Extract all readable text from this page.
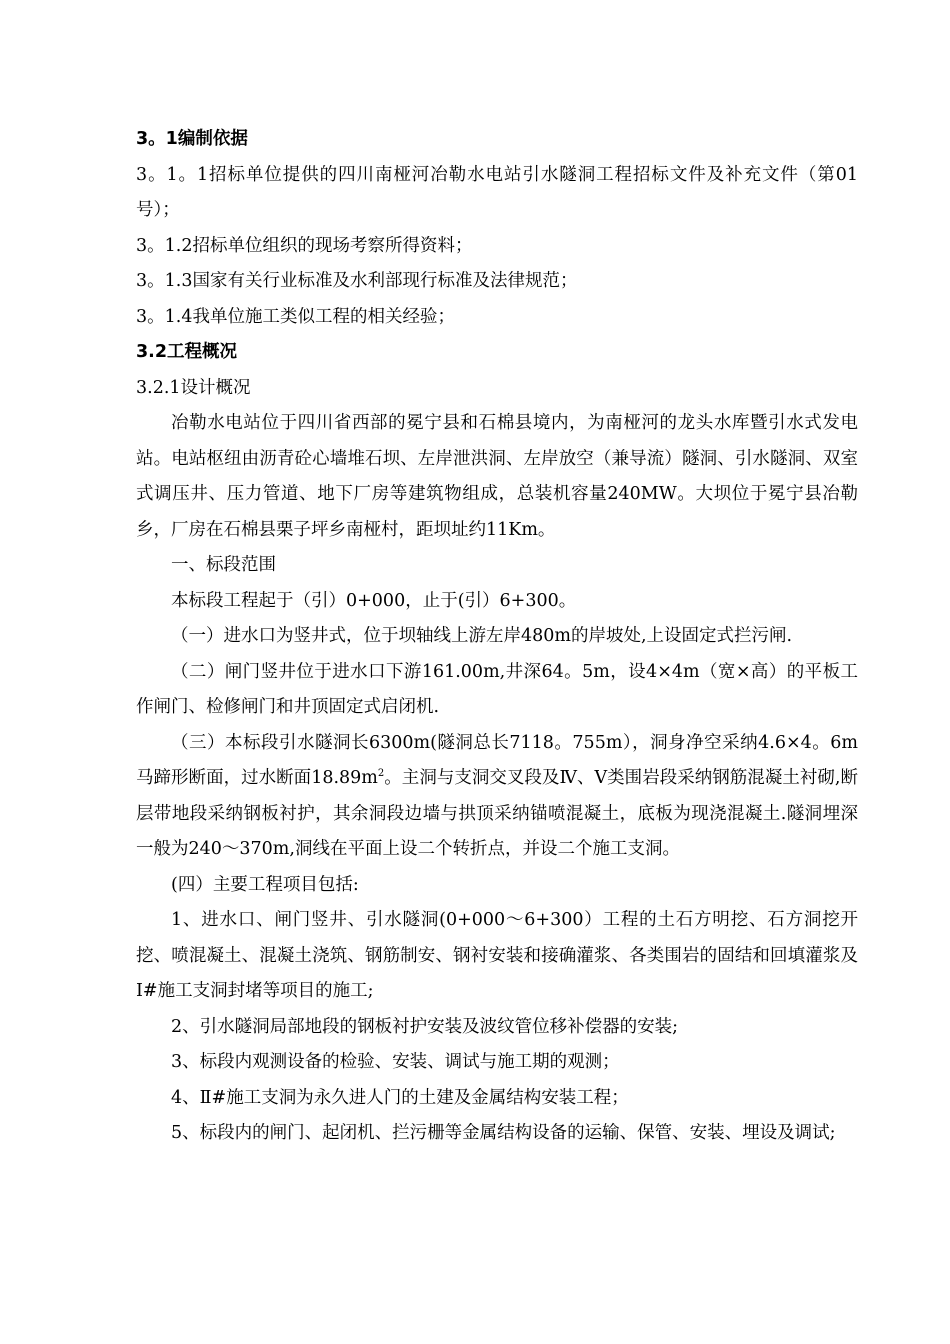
3。1编制依据

3。1。1招标单位提供的四川南桠河冶勒水电站引水隧洞工程招标文件及补充文件（第01号）；

3。1.2招标单位组织的现场考察所得资料；

3。1.3国家有关行业标准及水利部现行标准及法律规范；

3。1.4我单位施工类似工程的相关经验；

3.2工程概况

3.2.1设计概况

冶勒水电站位于四川省西部的冕宁县和石棉县境内，为南桠河的龙头水库暨引水式发电站。电站枢纽由沥青砼心墙堆石坝、左岸泄洪洞、左岸放空（兼导流）隧洞、引水隧洞、双室式调压井、压力管道、地下厂房等建筑物组成，总装机容量240MW。大坝位于冕宁县冶勒乡，厂房在石棉县栗子坪乡南桠村，距坝址约11Km。

一、标段范围

本标段工程起于（引）0+000，止于(引）6+300。

（一）进水口为竖井式，位于坝轴线上游左岸480m的岸坡处,上设固定式拦污闸.

（二）闸门竖井位于进水口下游161.00m,井深64。5m，设4×4m（宽×高）的平板工作闸门、检修闸门和井顶固定式启闭机.

（三）本标段引水隧洞长6300m(隧洞总长7118。755m），洞身净空采纳4.6×4。6m马蹄形断面，过水断面$18.89m^2$。主洞与支洞交叉段及Ⅳ、Ⅴ类围岩段采纳钢筋混凝土衬砌,断层带地段采纳钢板衬护，其余洞段边墙与拱顶采纳锚喷混凝土，底板为现浇混凝土.隧洞埋深一般为240～370m,洞线在平面上设二个转折点，并设二个施工支洞。

(四）主要工程项目包括:

1、进水口、闸门竖井、引水隧洞(0+000～6+300）工程的土石方明挖、石方洞挖开挖、喷混凝土、混凝土浇筑、钢筋制安、钢衬安装和接确灌浆、各类围岩的固结和回填灌浆及Ⅰ#施工支洞封堵等项目的施工;

2、引水隧洞局部地段的钢板衬护安装及波纹管位移补偿器的安装;

3、标段内观测设备的检验、安装、调试与施工期的观测；

4、Ⅱ#施工支洞为永久进人门的土建及金属结构安装工程；

5、标段内的闸门、起闭机、拦污栅等金属结构设备的运输、保管、安装、埋设及调试;
